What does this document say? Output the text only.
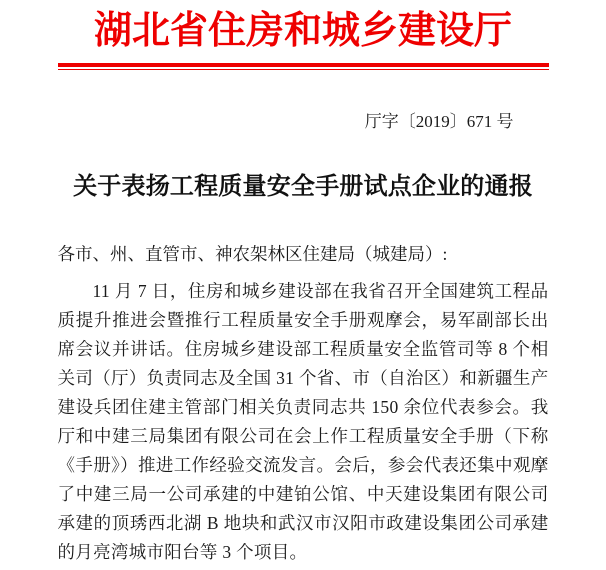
湖北省住房和城乡建设厅
厅字〔2019〕671 号
关于表扬工程质量安全手册试点企业的通报
各市、州、直管市、神农架林区住建局（城建局）:
11 月 7 日，住房和城乡建设部在我省召开全国建筑工程品质提升推进会暨推行工程质量安全手册观摩会，易军副部长出席会议并讲话。住房城乡建设部工程质量安全监管司等 8 个相关司（厅）负责同志及全国 31 个省、市（自治区）和新疆生产建设兵团住建主管部门相关负责同志共 150 余位代表参会。我厅和中建三局集团有限公司在会上作工程质量安全手册（下称《手册》）推进工作经验交流发言。会后，参会代表还集中观摩了中建三局一公司承建的中建铂公馆、中天建设集团有限公司承建的顶琇西北湖 B 地块和武汉市汉阳市政建设集团公司承建的月亮湾城市阳台等 3 个项目。
